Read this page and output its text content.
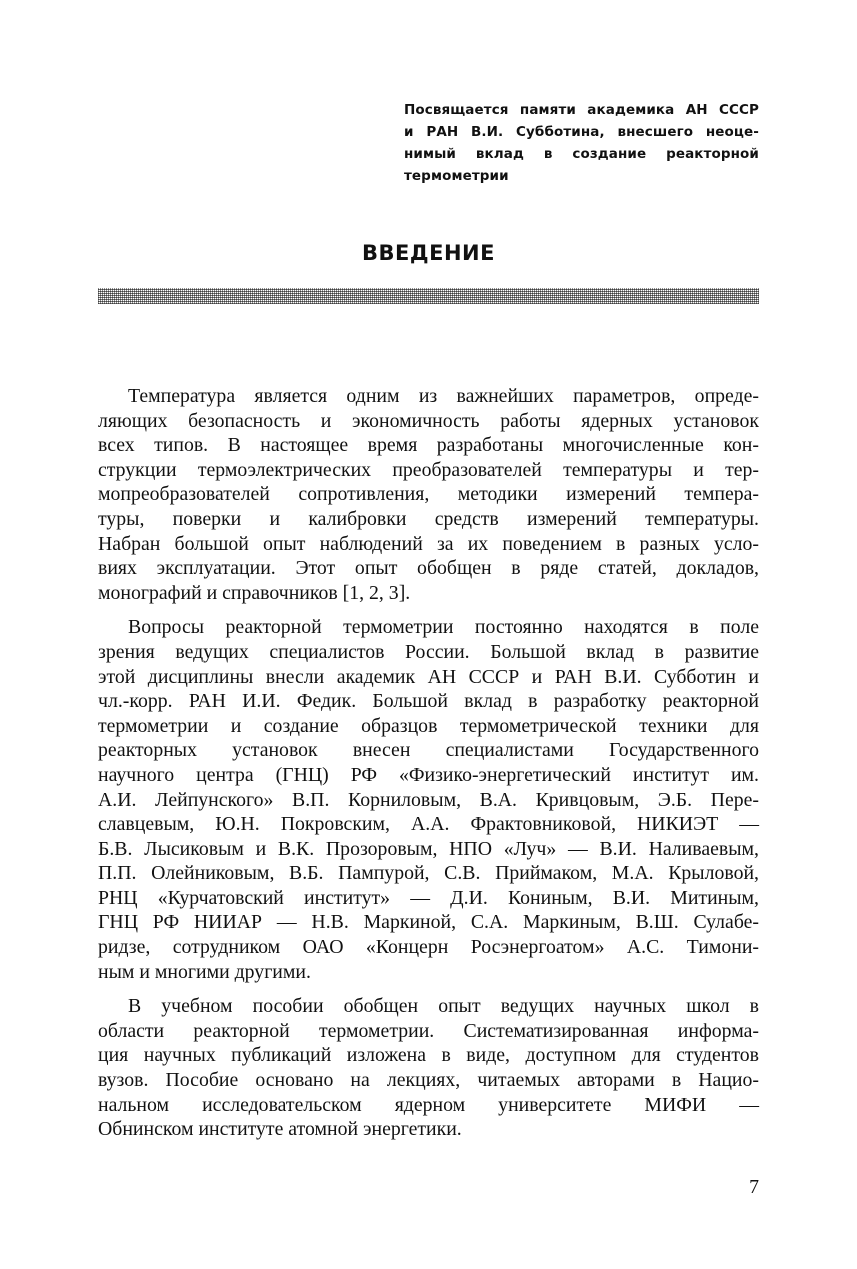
Посвящается памяти академика АН СССР
и РАН В.И. Субботина, внесшего неоце-
нимый вклад в создание реакторной
термометрии
ВВЕДЕНИЕ
Температура является одним из важнейших параметров, опреде-
ляющих безопасность и экономичность работы ядерных установок
всех типов. В настоящее время разработаны многочисленные кон-
струкции термоэлектрических преобразователей температуры и тер-
мопреобразователей сопротивления, методики измерений темпера-
туры, поверки и калибровки средств измерений температуры.
Набран большой опыт наблюдений за их поведением в разных усло-
виях эксплуатации. Этот опыт обобщен в ряде статей, докладов,
монографий и справочников [1, 2, 3].
Вопросы реакторной термометрии постоянно находятся в поле
зрения ведущих специалистов России. Большой вклад в развитие
этой дисциплины внесли академик АН СССР и РАН В.И. Субботин и
чл.-корр. РАН И.И. Федик. Большой вклад в разработку реакторной
термометрии и создание образцов термометрической техники для
реакторных установок внесен специалистами Государственного
научного центра (ГНЦ) РФ «Физико-энергетический институт им.
А.И. Лейпунского» В.П. Корниловым, В.А. Кривцовым, Э.Б. Пере-
славцевым, Ю.Н. Покровским, А.А. Фрактовниковой, НИКИЭТ —
Б.В. Лысиковым и В.К. Прозоровым, НПО «Луч» — В.И. Наливаевым,
П.П. Олейниковым, В.Б. Пампурой, С.В. Приймаком, М.А. Крыловой,
РНЦ «Курчатовский институт» — Д.И. Кониным, В.И. Митиным,
ГНЦ РФ НИИАР — Н.В. Маркиной, С.А. Маркиным, В.Ш. Сулабе-
ридзе, сотрудником ОАО «Концерн Росэнергоатом» А.С. Тимони-
ным и многими другими.
В учебном пособии обобщен опыт ведущих научных школ в
области реакторной термометрии. Систематизированная информа-
ция научных публикаций изложена в виде, доступном для студентов
вузов. Пособие основано на лекциях, читаемых авторами в Нацио-
нальном исследовательском ядерном университете МИФИ —
Обнинском институте атомной энергетики.
7
